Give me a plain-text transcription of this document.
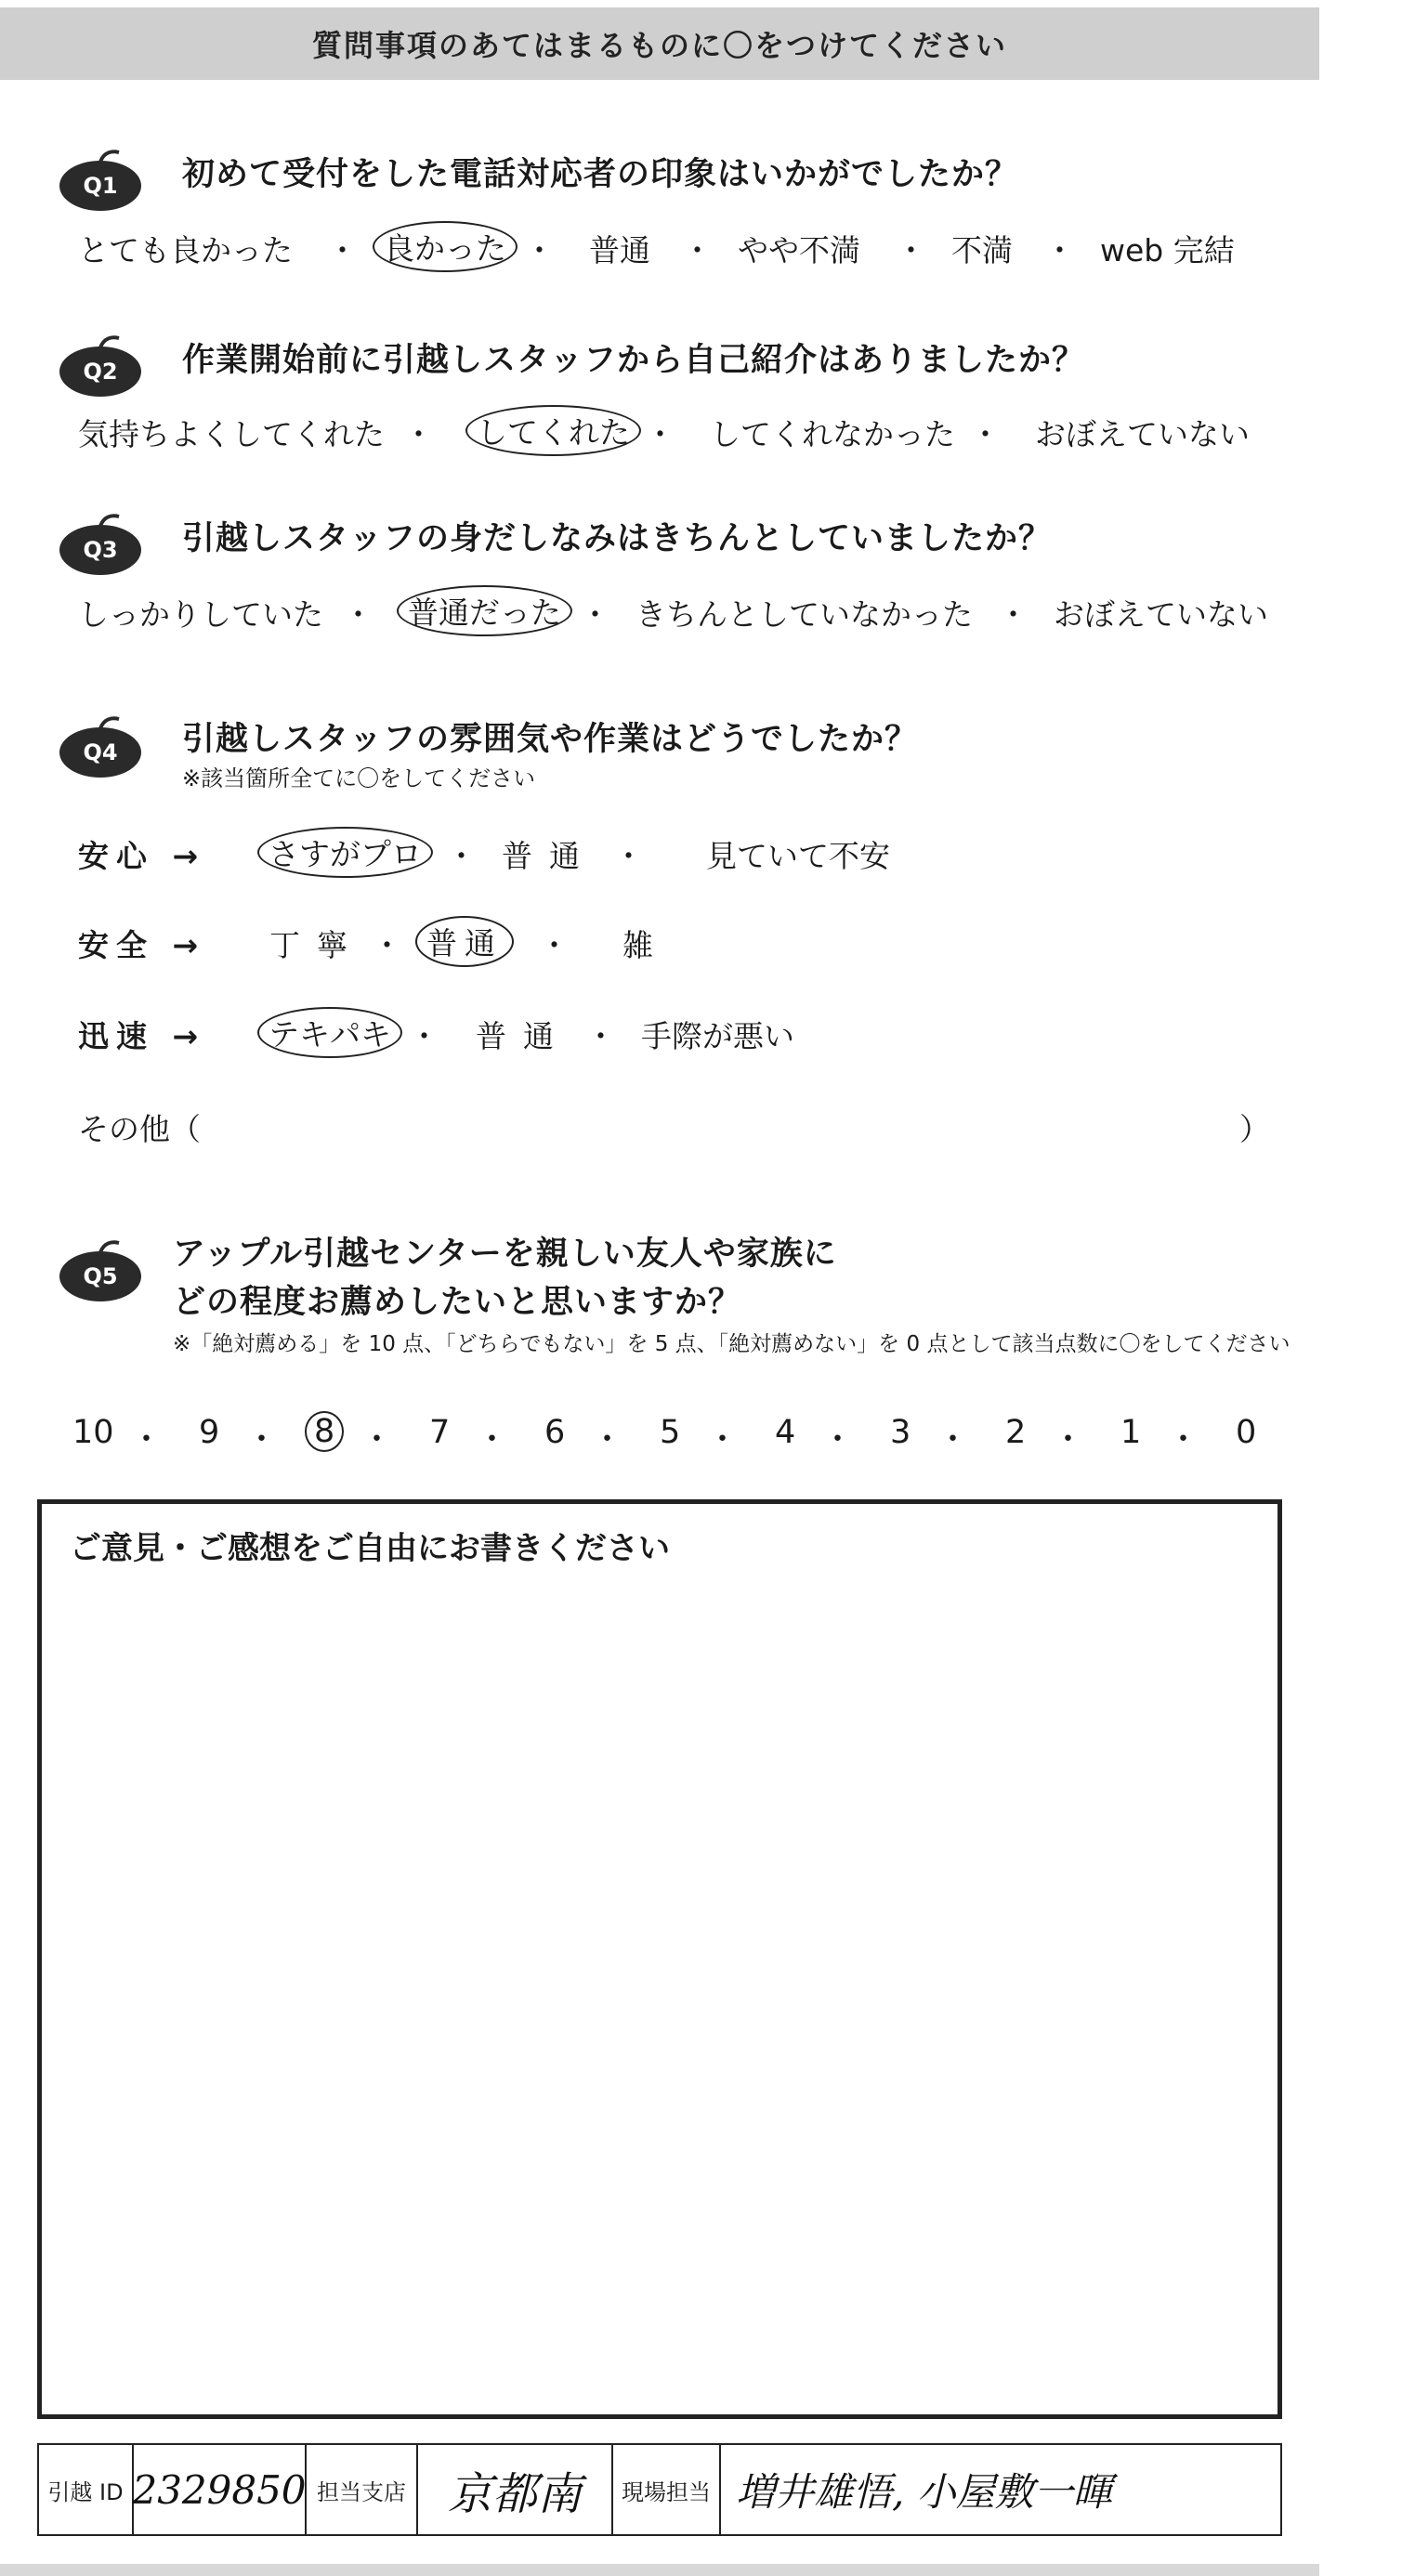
質問事項のあてはまるものに〇をつけてください
Q1 初めて受付をした電話対応者の印象はいかがでしたか？
とても良かった ・ 良かった ・ 普通 ・ やや不満 ・ 不満 ・ web 完結
Q2 作業開始前に引越しスタッフから自己紹介はありましたか？
気持ちよくしてくれた ・	してくれた ・ してくれなかった ・ おぼえていない
Q3 引越しスタッフの身だしなみはきちんとしていましたか？
しっかりしていた ・	普通だった ・ きちんとしていなかった ・ おぼえていない
Q4 引越しスタッフの雰囲気や作業はどうでしたか？
※該当箇所全てに〇をしてください
安心 →	さすがプロ ・ 普通 ・ 見ていて不安
安全 → 丁寧 ・ 普通	・ 雑
迅速 →	テキパキ ・ 普通 ・ 手際が悪い
その他（	）
Q5
アップル引越センターを親しい友人や家族に
どの程度お薦めしたいと思いますか？
※「絶対薦める」を 10 点、「どちらでもない」を 5 点、「絶対薦めない」を 0 点として該当点数に〇をしてください
10 ・ 9 ・ 8 ・ 7 ・ 6 ・ 5 ・ 4 ・ 3 ・ 2 ・ 1 ・ 0
ご意見・ご感想をご自由にお書きください
引越 ID 2329850 担当支店 京都南 現場担当 増井雄悟, 小屋敷一暉
